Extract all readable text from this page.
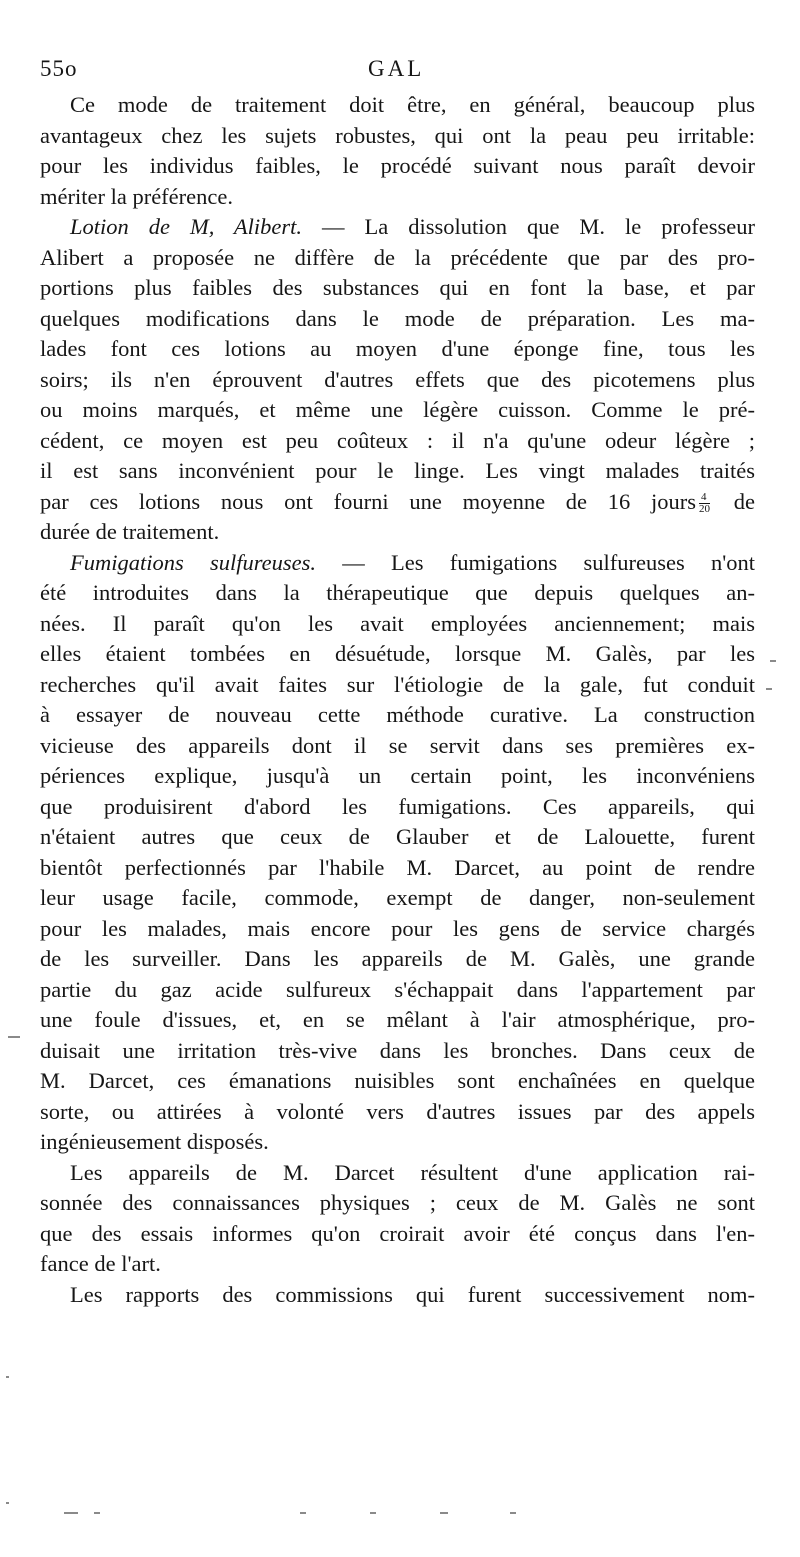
55o	GAL
Ce mode de traitement doit être, en général, beaucoup plus
avantageux chez les sujets robustes, qui ont la peau peu irritable:
pour les individus faibles, le procédé suivant nous paraît devoir
mériter la préférence.
Lotion de M, Alibert. — La dissolution que M. le professeur
Alibert a proposée ne diffère de la précédente que par des pro-
portions plus faibles des substances qui en font la base, et par
quelques modifications dans le mode de préparation. Les ma-
lades font ces lotions au moyen d'une éponge fine, tous les
soirs; ils n'en éprouvent d'autres effets que des picotemens plus
ou moins marqués, et même une légère cuisson. Comme le pré-
cédent, ce moyen est peu coûteux : il n'a qu'une odeur légère ;
il est sans inconvénient pour le linge. Les vingt malades traités
par ces lotions nous ont fourni une moyenne de 16 jours $\frac{4}{20}$ de
durée de traitement.
Fumigations sulfureuses. — Les fumigations sulfureuses n'ont
été introduites dans la thérapeutique que depuis quelques an-
nées. Il paraît qu'on les avait employées anciennement; mais
elles étaient tombées en désuétude, lorsque M. Galès, par les
recherches qu'il avait faites sur l'étiologie de la gale, fut conduit
à essayer de nouveau cette méthode curative. La construction
vicieuse des appareils dont il se servit dans ses premières ex-
périences explique, jusqu'à un certain point, les inconvéniens
que produisirent d'abord les fumigations. Ces appareils, qui
n'étaient autres que ceux de Glauber et de Lalouette, furent
bientôt perfectionnés par l'habile M. Darcet, au point de rendre
leur usage facile, commode, exempt de danger, non-seulement
pour les malades, mais encore pour les gens de service chargés
de les surveiller. Dans les appareils de M. Galès, une grande
partie du gaz acide sulfureux s'échappait dans l'appartement par
une foule d'issues, et, en se mêlant à l'air atmosphérique, pro-
duisait une irritation très-vive dans les bronches. Dans ceux de
M. Darcet, ces émanations nuisibles sont enchaînées en quelque
sorte, ou attirées à volonté vers d'autres issues par des appels
ingénieusement disposés.
Les appareils de M. Darcet résultent d'une application rai-
sonnée des connaissances physiques ; ceux de M. Galès ne sont
que des essais informes qu'on croirait avoir été conçus dans l'en-
fance de l'art.
Les rapports des commissions qui furent successivement nom-
